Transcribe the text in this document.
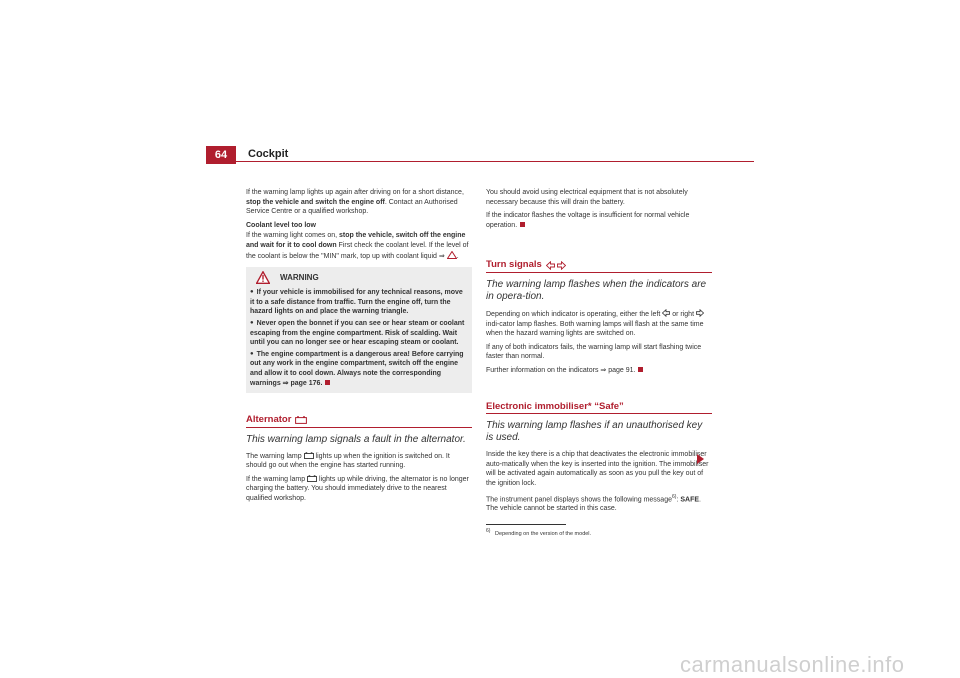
64	Cockpit

If the warning lamp lights up again after driving on for a short distance, stop the vehicle and switch the engine off. Contact an Authorised Service Centre or a qualified workshop.

Coolant level too low

If the warning light comes on, stop the vehicle, switch off the engine and wait for it to cool down First check the coolant level. If the level of the coolant is below the "MIN" mark, top up with coolant liquid ⇒ .

WARNING
● If your vehicle is immobilised for any technical reasons, move it to a safe distance from traffic. Turn the engine off, turn the hazard lights on and place the warning triangle.
● Never open the bonnet if you can see or hear steam or coolant escaping from the engine compartment. Risk of scalding. Wait until you can no longer see or hear escaping steam or coolant.
● The engine compartment is a dangerous area! Before carrying out any work in the engine compartment, switch off the engine and allow it to cool down. Always note the corresponding warnings ⇒ page 176.
Alternator
This warning lamp signals a fault in the alternator.

The warning lamp  lights up when the ignition is switched on. It should go out when the engine has started running.

If the warning lamp  lights up while driving, the alternator is no longer charging the battery. You should immediately drive to the nearest qualified workshop.

You should avoid using electrical equipment that is not absolutely necessary because this will drain the battery.

If the indicator flashes the voltage is insufficient for normal vehicle operation.

Turn signals
The warning lamp flashes when the indicators are in opera-tion.

Depending on which indicator is operating, either the left  or right  indi-cator lamp flashes. Both warning lamps will flash at the same time when the hazard warning lights are switched on.

If any of both indicators fails, the warning lamp will start flashing twice faster than normal.

Further information on the indicators ⇒ page 91.

Electronic immobiliser* “Safe”
This warning lamp flashes if an unauthorised key is used.

Inside the key there is a chip that deactivates the electronic immobiliser auto-matically when the key is inserted into the ignition. The immobiliser will be activated again automatically as soon as you pull the key out of the ignition lock.

The instrument panel displays shows the following message$^{6)}$: SAFE. The vehicle cannot be started in this case.

$^{6)}$ Depending on the version of the model.
carmanualsonline.info
